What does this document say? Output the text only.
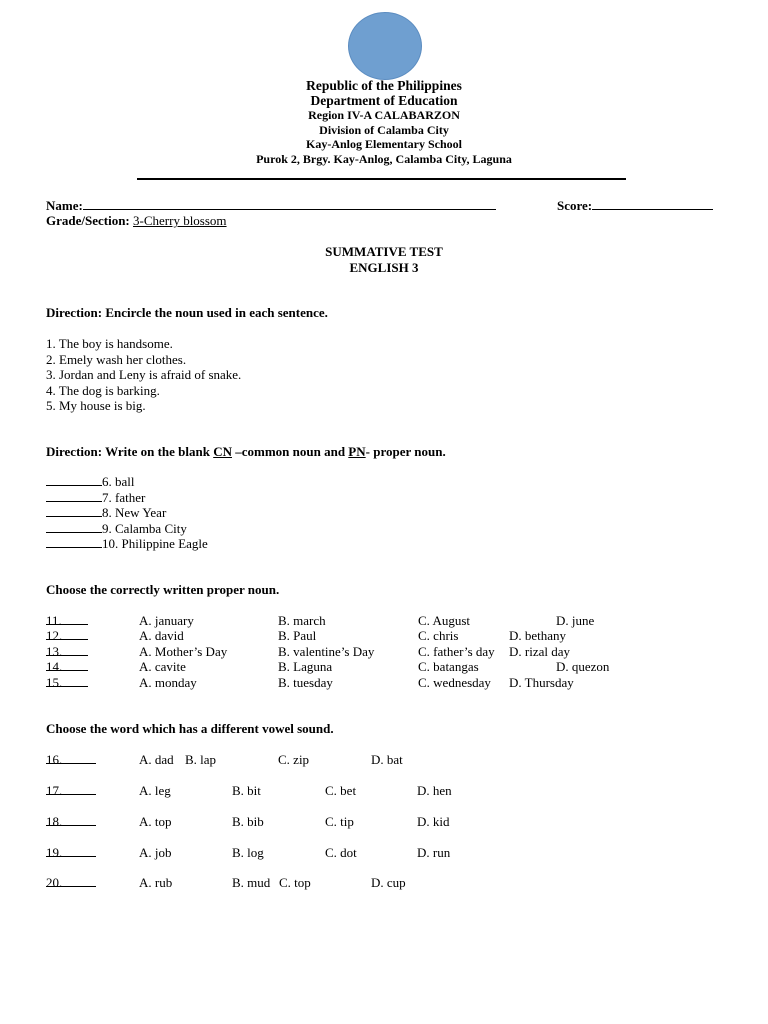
Republic of the Philippines
Department of Education
Region IV-A CALABARZON
Division of Calamba City
Kay-Anlog Elementary School
Purok 2, Brgy. Kay-Anlog, Calamba City, Laguna
Name:	Score:
Grade/Section: 3-Cherry blossom
SUMMATIVE TEST
ENGLISH 3
Direction: Encircle the noun used in each sentence.
1. The boy is handsome.
2. Emely wash her clothes.
3. Jordan and Leny is afraid of snake.
4. The dog is barking.
5. My house is big.
Direction: Write on the blank CN –common noun and PN- proper noun.
6. ball
7. father
8. New Year
9. Calamba City
10. Philippine Eagle
Choose the correctly written proper noun.
11.	A. january	B. march	C. August	D. june
12.	A. david	B. Paul	C. chris	D. bethany
13.	A. Mother’s Day	B. valentine’s Day	C. father’s day D. rizal day
14.	A. cavite	B. Laguna	C. batangas	D. quezon
15.	A. monday	B. tuesday	C. wednesday D. Thursday
Choose the word which has a different vowel sound.
16.	A. dad B. lap	C. zip	D. bat
17.	A. leg	B. bit	C. bet	D. hen
18.	A. top	B. bib	C. tip	D. kid
19.	A. job	B. log	C. dot	D. run
20.	A. rub	B. mud C. top	D. cup
